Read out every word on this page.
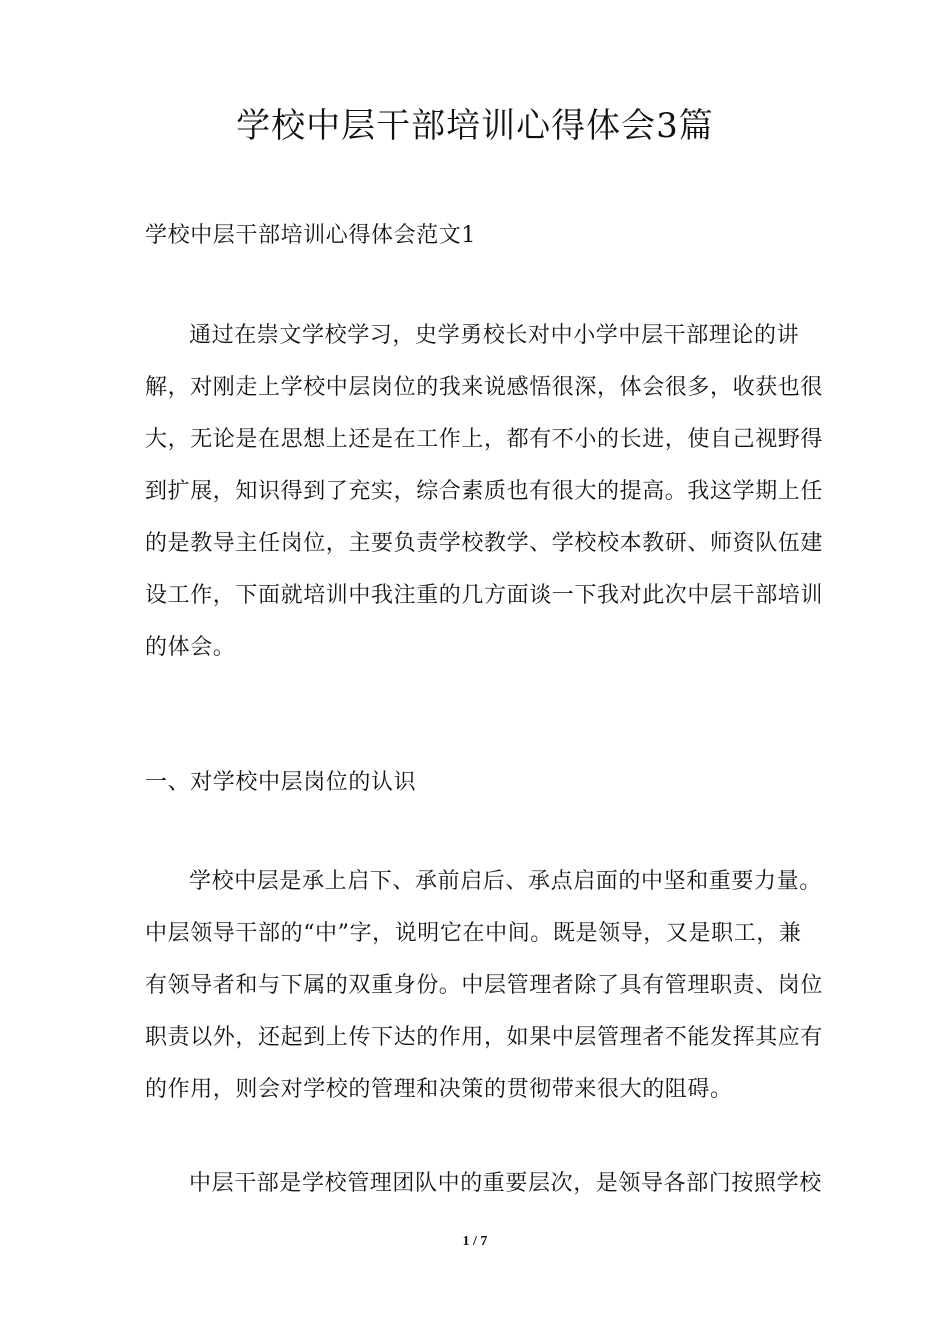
学校中层干部培训心得体会3篇
学校中层干部培训心得体会范文1
通过在崇文学校学习，史学勇校长对中小学中层干部理论的讲
解，对刚走上学校中层岗位的我来说感悟很深，体会很多，收获也很
大，无论是在思想上还是在工作上，都有不小的长进，使自己视野得
到扩展，知识得到了充实，综合素质也有很大的提高。我这学期上任
的是教导主任岗位，主要负责学校教学、学校校本教研、师资队伍建
设工作，下面就培训中我注重的几方面谈一下我对此次中层干部培训
的体会。
一、对学校中层岗位的认识
学校中层是承上启下、承前启后、承点启面的中坚和重要力量。
中层领导干部的“中”字，说明它在中间。既是领导，又是职工，兼
有领导者和与下属的双重身份。中层管理者除了具有管理职责、岗位
职责以外，还起到上传下达的作用，如果中层管理者不能发挥其应有
的作用，则会对学校的管理和决策的贯彻带来很大的阻碍。
中层干部是学校管理团队中的重要层次，是领导各部门按照学校
1 / 7
